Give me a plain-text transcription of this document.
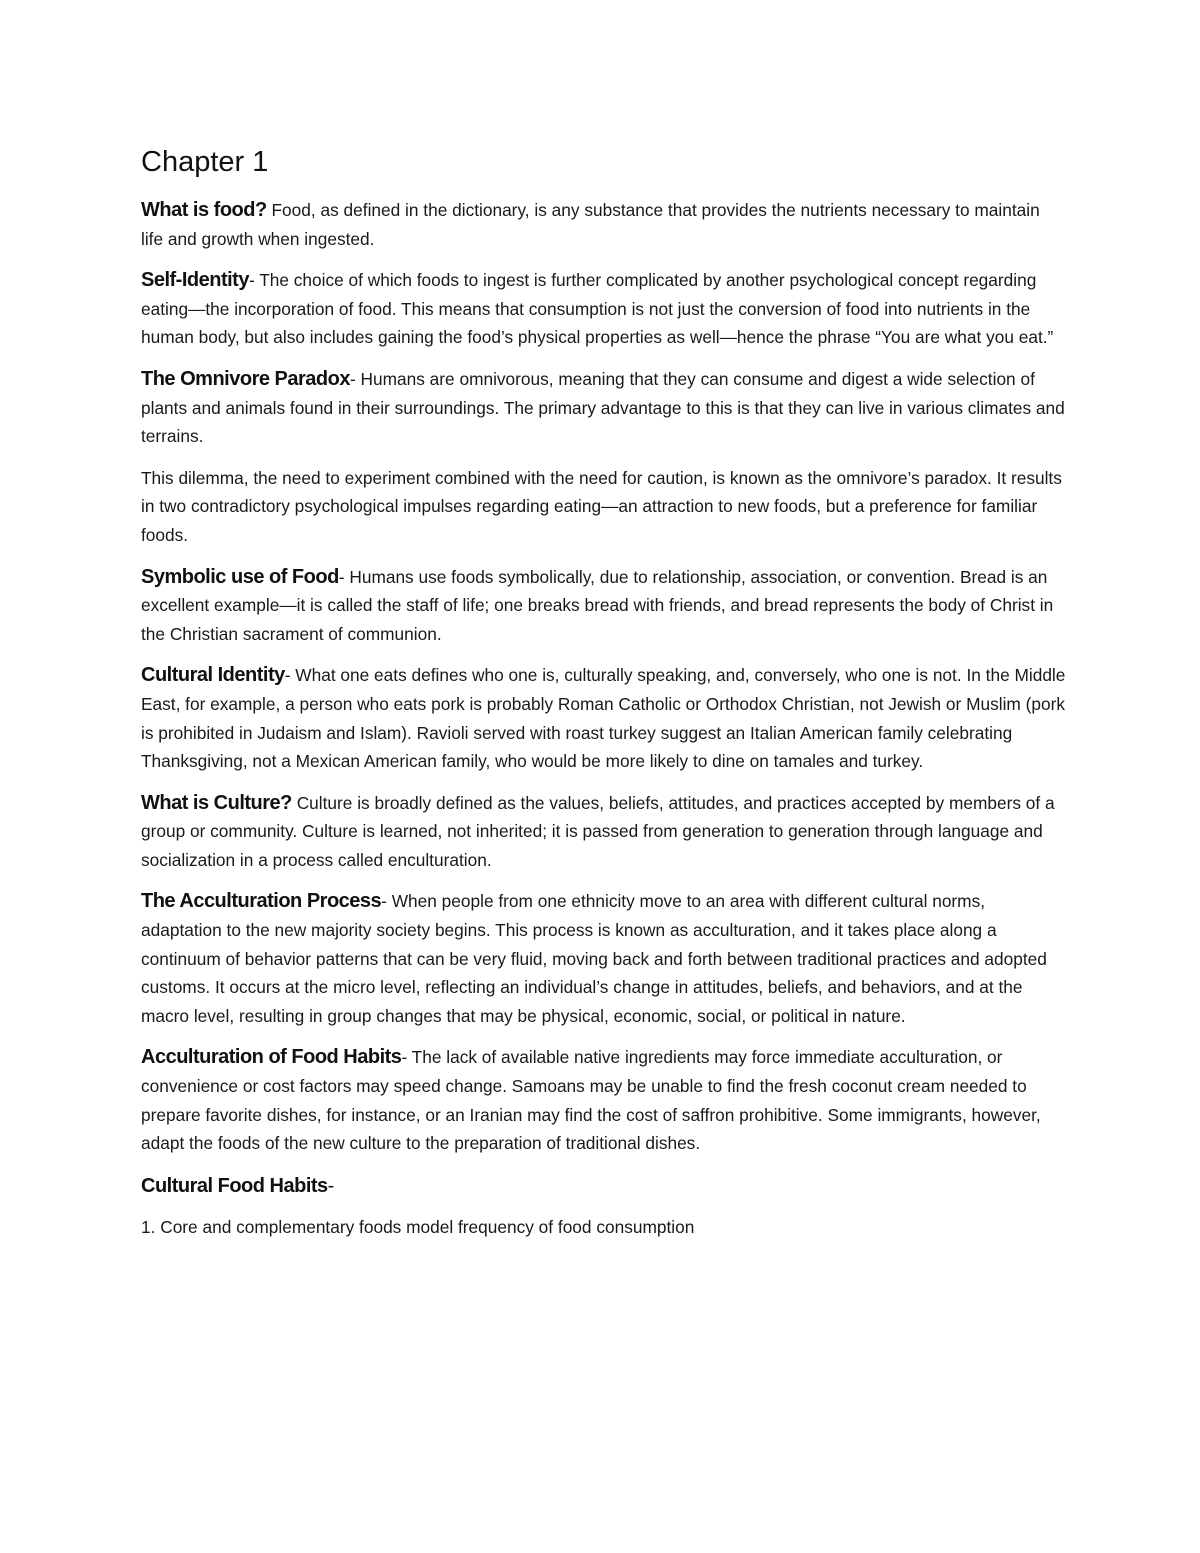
Chapter 1

What is food? Food, as defined in the dictionary, is any substance that provides the nutrients necessary to maintain life and growth when ingested.

Self-Identity- The choice of which foods to ingest is further complicated by another psychological concept regarding eating—the incorporation of food. This means that consumption is not just the conversion of food into nutrients in the human body, but also includes gaining the food’s physical properties as well—hence the phrase “You are what you eat.”

The Omnivore Paradox- Humans are omnivorous, meaning that they can consume and digest a wide selection of plants and animals found in their surroundings. The primary advantage to this is that they can live in various climates and terrains.

This dilemma, the need to experiment combined with the need for caution, is known as the omnivore’s paradox. It results in two contradictory psychological impulses regarding eating—an attraction to new foods, but a preference for familiar foods.

Symbolic use of Food- Humans use foods symbolically, due to relationship, association, or convention. Bread is an excellent example—it is called the staff of life; one breaks bread with friends, and bread represents the body of Christ in the Christian sacrament of communion.

Cultural Identity- What one eats defines who one is, culturally speaking, and, conversely, who one is not. In the Middle East, for example, a person who eats pork is probably Roman Catholic or Orthodox Christian, not Jewish or Muslim (pork is prohibited in Judaism and Islam). Ravioli served with roast turkey suggest an Italian American family celebrating Thanksgiving, not a Mexican American family, who would be more likely to dine on tamales and turkey.

What is Culture? Culture is broadly defined as the values, beliefs, attitudes, and practices accepted by members of a group or community. Culture is learned, not inherited; it is passed from generation to generation through language and socialization in a process called enculturation.

The Acculturation Process- When people from one ethnicity move to an area with different cultural norms, adaptation to the new majority society begins. This process is known as acculturation, and it takes place along a continuum of behavior patterns that can be very fluid, moving back and forth between traditional practices and adopted customs. It occurs at the micro level, reflecting an individual’s change in attitudes, beliefs, and behaviors, and at the macro level, resulting in group changes that may be physical, economic, social, or political in nature.

Acculturation of Food Habits- The lack of available native ingredients may force immediate acculturation, or convenience or cost factors may speed change. Samoans may be unable to find the fresh coconut cream needed to prepare favorite dishes, for instance, or an Iranian may find the cost of saffron prohibitive. Some immigrants, however, adapt the foods of the new culture to the preparation of traditional dishes.

Cultural Food Habits-

1. Core and complementary foods model frequency of food consumption
